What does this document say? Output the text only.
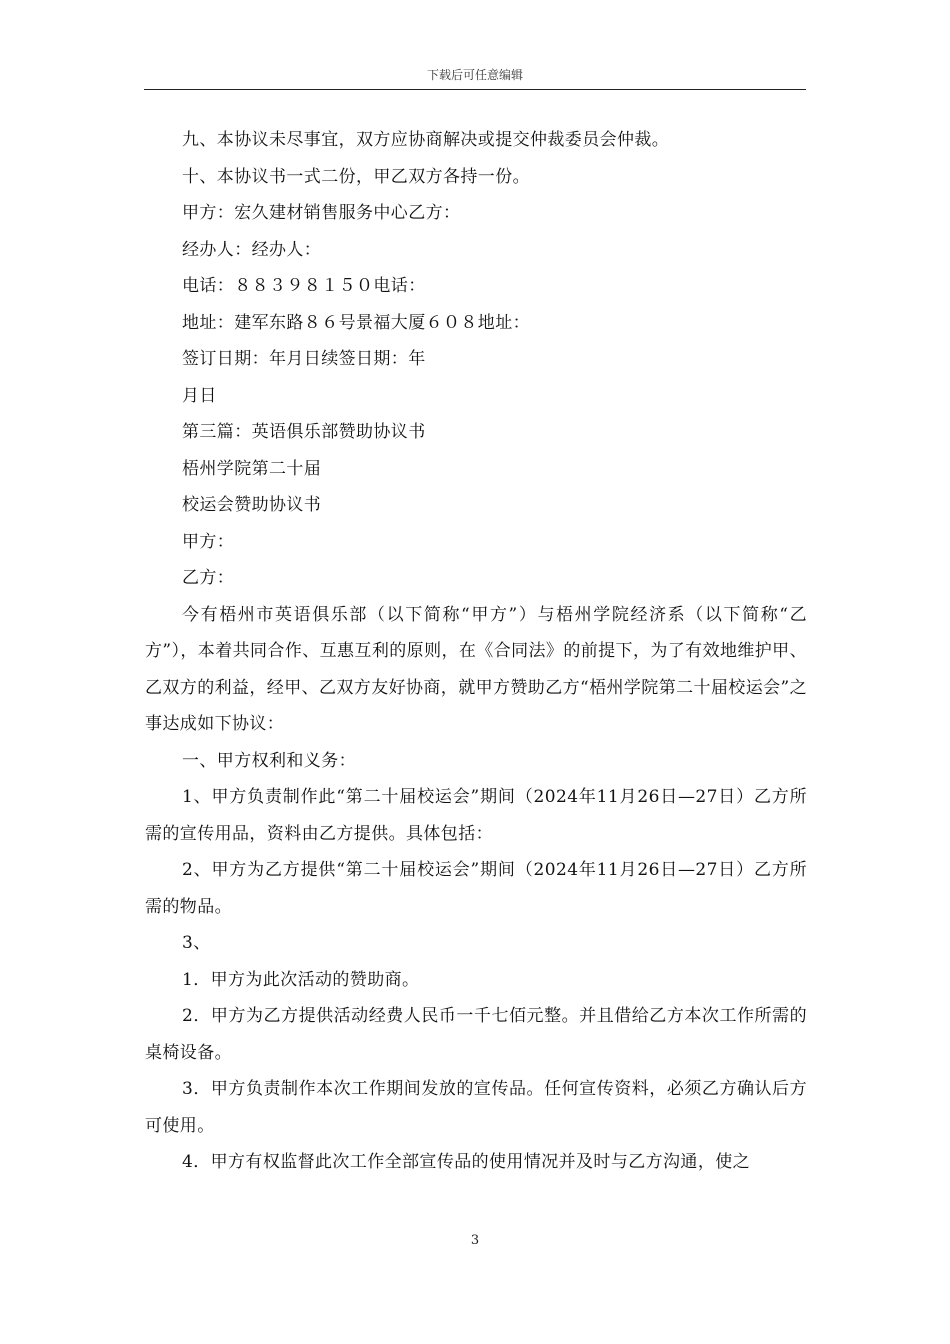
下载后可任意编辑
九、本协议未尽事宜，双方应协商解决或提交仲裁委员会仲裁。
十、本协议书一式二份，甲乙双方各持一份。
甲方：宏久建材销售服务中心乙方：
经办人：经办人：
电话：８８３９８１５０电话：
地址：建军东路８６号景福大厦６０８地址：
签订日期：年月日续签日期：年
月日
第三篇：英语俱乐部赞助协议书
梧州学院第二十届
校运会赞助协议书
甲方：
乙方：
今有梧州市英语俱乐部（以下简称“甲方”）与梧州学院经济系（以下简称“乙方”），本着共同合作、互惠互利的原则，在《合同法》的前提下，为了有效地维护甲、乙双方的利益，经甲、乙双方友好协商，就甲方赞助乙方“梧州学院第二十届校运会”之事达成如下协议：
一、甲方权利和义务：
1、甲方负责制作此“第二十届校运会”期间（2024年11月26日—27日）乙方所需的宣传用品，资料由乙方提供。具体包括：
2、甲方为乙方提供“第二十届校运会”期间（2024年11月26日—27日）乙方所需的物品。
3、
1．甲方为此次活动的赞助商。
2．甲方为乙方提供活动经费人民币一千七佰元整。并且借给乙方本次工作所需的桌椅设备。
3．甲方负责制作本次工作期间发放的宣传品。任何宣传资料，必须乙方确认后方可使用。
4．甲方有权监督此次工作全部宣传品的使用情况并及时与乙方沟通，使之
3
